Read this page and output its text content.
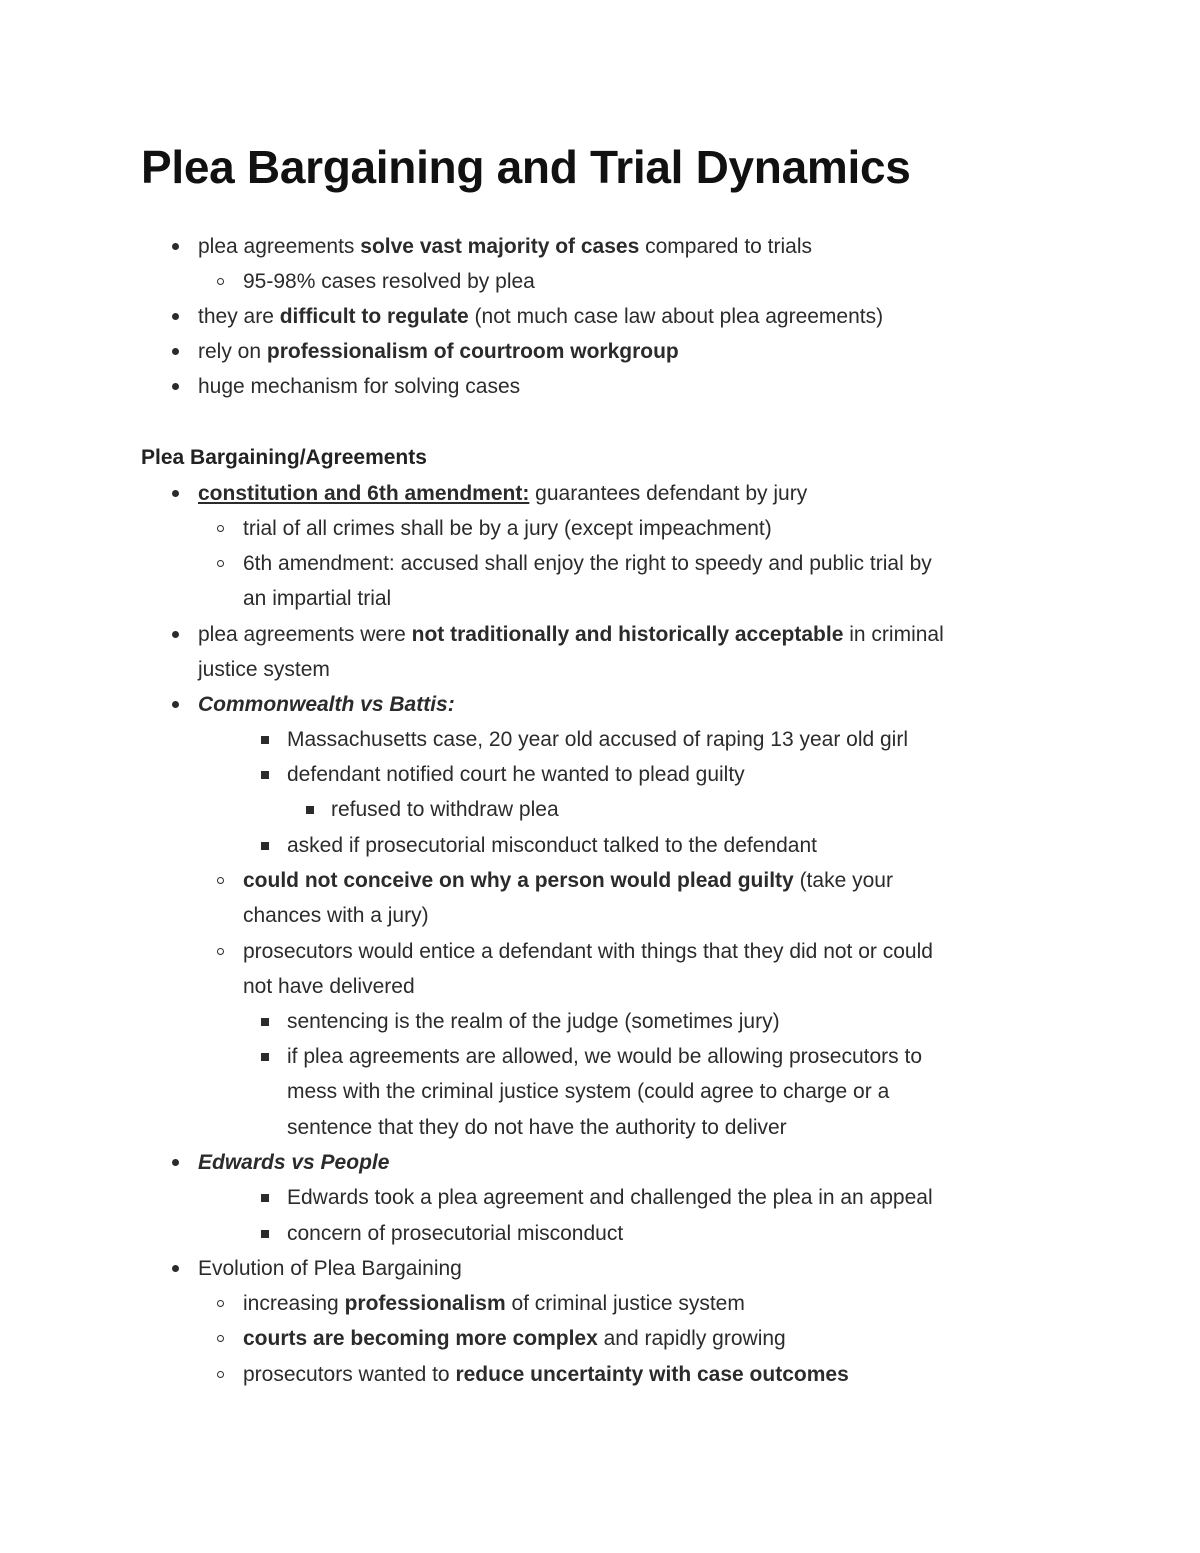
Plea Bargaining and Trial Dynamics
plea agreements solve vast majority of cases compared to trials
95-98% cases resolved by plea
they are difficult to regulate (not much case law about plea agreements)
rely on professionalism of courtroom workgroup
huge mechanism for solving cases
Plea Bargaining/Agreements
constitution and 6th amendment: guarantees defendant by jury
trial of all crimes shall be by a jury (except impeachment)
6th amendment: accused shall enjoy the right to speedy and public trial by
an impartial trial
plea agreements were not traditionally and historically acceptable in criminal
justice system
Commonwealth vs Battis:
Massachusetts case, 20 year old accused of raping 13 year old girl
defendant notified court he wanted to plead guilty
refused to withdraw plea
asked if prosecutorial misconduct talked to the defendant
could not conceive on why a person would plead guilty (take your
chances with a jury)
prosecutors would entice a defendant with things that they did not or could
not have delivered
sentencing is the realm of the judge (sometimes jury)
if plea agreements are allowed, we would be allowing prosecutors to
mess with the criminal justice system (could agree to charge or a
sentence that they do not have the authority to deliver
Edwards vs People
Edwards took a plea agreement and challenged the plea in an appeal
concern of prosecutorial misconduct
Evolution of Plea Bargaining
increasing professionalism of criminal justice system
courts are becoming more complex and rapidly growing
prosecutors wanted to reduce uncertainty with case outcomes
